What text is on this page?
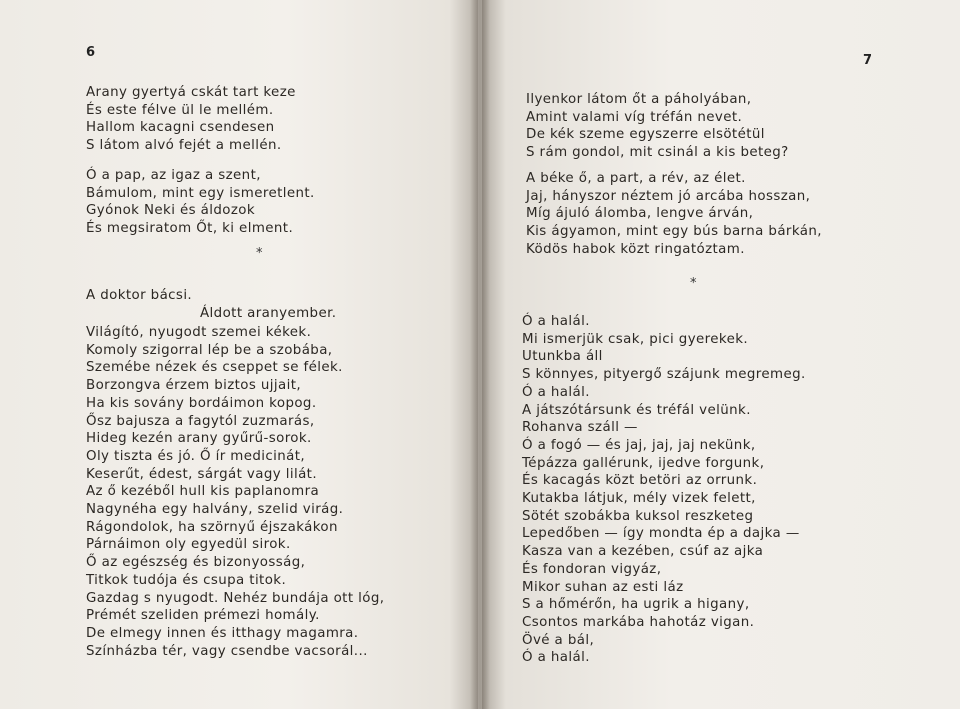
6
Arany gyertyá cskát tart keze
És este félve ül le mellém.
Hallom kacagni csendesen
S látom alvó fejét a mellén.
Ó a pap, az igaz a szent,
Bámulom, mint egy ismeretlent.
Gyónok Neki és áldozok
És megsiratom Őt, ki elment.
*
A doktor bácsi.
Áldott aranyember.
Világító, nyugodt szemei kékek.
Komoly szigorral lép be a szobába,
Szemébe nézek és cseppet se félek.
Borzongva érzem biztos ujjait,
Ha kis sovány bordáimon kopog.
Ősz bajusza a fagytól zuzmarás,
Hideg kezén arany gyűrű-sorok.
Oly tiszta és jó. Ő ír medicinát,
Keserűt, édest, sárgát vagy lilát.
Az ő kezéből hull kis paplanomra
Nagynéha egy halvány, szelid virág.
Rágondolok, ha szörnyű éjszakákon
Párnáimon oly egyedül sirok.
Ő az egészség és bizonyosság,
Titkok tudója és csupa titok.
Gazdag s nyugodt. Nehéz bundája ott lóg,
Prémét szeliden prémezi homály.
De elmegy innen és itthagy magamra.
Színházba tér, vagy csendbe vacsorál...
7
Ilyenkor látom őt a páholyában,
Amint valami víg tréfán nevet.
De kék szeme egyszerre elsötétül
S rám gondol, mit csinál a kis beteg?
A béke ő, a part, a rév, az élet.
Jaj, hányszor néztem jó arcába hosszan,
Míg ájuló álomba, lengve árván,
Kis ágyamon, mint egy bús barna bárkán,
Ködös habok közt ringatóztam.
*
Ó a halál.
Mi ismerjük csak, pici gyerekek.
Utunkba áll
S könnyes, pityergő szájunk megremeg.
Ó a halál.
A játszótársunk és tréfál velünk.
Rohanva száll —
Ó a fogó — és jaj, jaj, jaj nekünk,
Tépázza gallérunk, ijedve forgunk,
És kacagás közt betöri az orrunk.
Kutakba látjuk, mély vizek felett,
Sötét szobákba kuksol reszketeg
Lepedőben — így mondta ép a dajka —
Kasza van a kezében, csúf az ajka
És fondoran vigyáz,
Mikor suhan az esti láz
S a hőmérőn, ha ugrik a higany,
Csontos markába hahotáz vigan.
Övé a bál,
Ó a halál.
